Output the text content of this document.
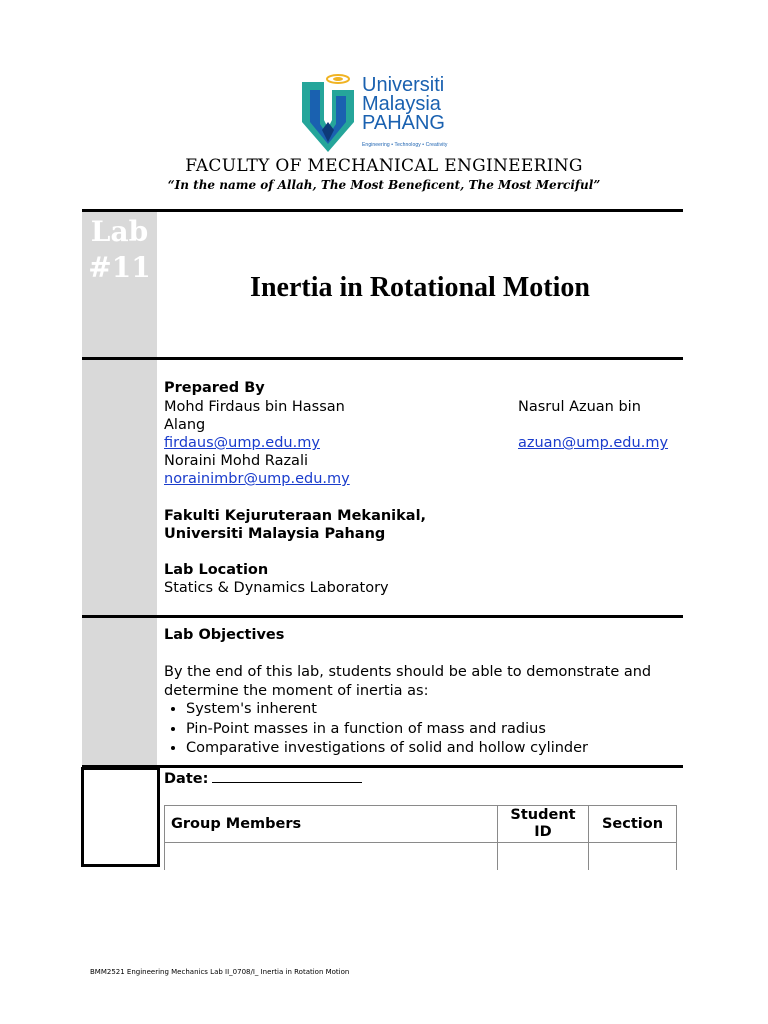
Universiti
Malaysia
PAHANG
Engineering • Technology • Creativity
FACULTY OF MECHANICAL ENGINEERING
“In the name of Allah, The Most Beneficent, The Most Merciful”
Lab #11
Inertia in Rotational Motion
Prepared By
Mohd Firdaus bin Hassan	Nasrul Azuan bin
Alang
firdaus@ump.edu.my	azuan@ump.edu.my
Noraini Mohd Razali
norainimbr@ump.edu.my
Fakulti Kejuruteraan Mekanikal,
Universiti Malaysia Pahang
Lab Location
Statics & Dynamics Laboratory
Lab Objectives
By the end of this lab, students should be able to demonstrate and
determine the moment of inertia as:
• System's inherent
• Pin-Point masses in a function of mass and radius
• Comparative investigations of solid and hollow cylinder
Date:
Group Members	Student ID	Section

BMM2521 Engineering Mechanics Lab II_0708/I_ Inertia in Rotation Motion
